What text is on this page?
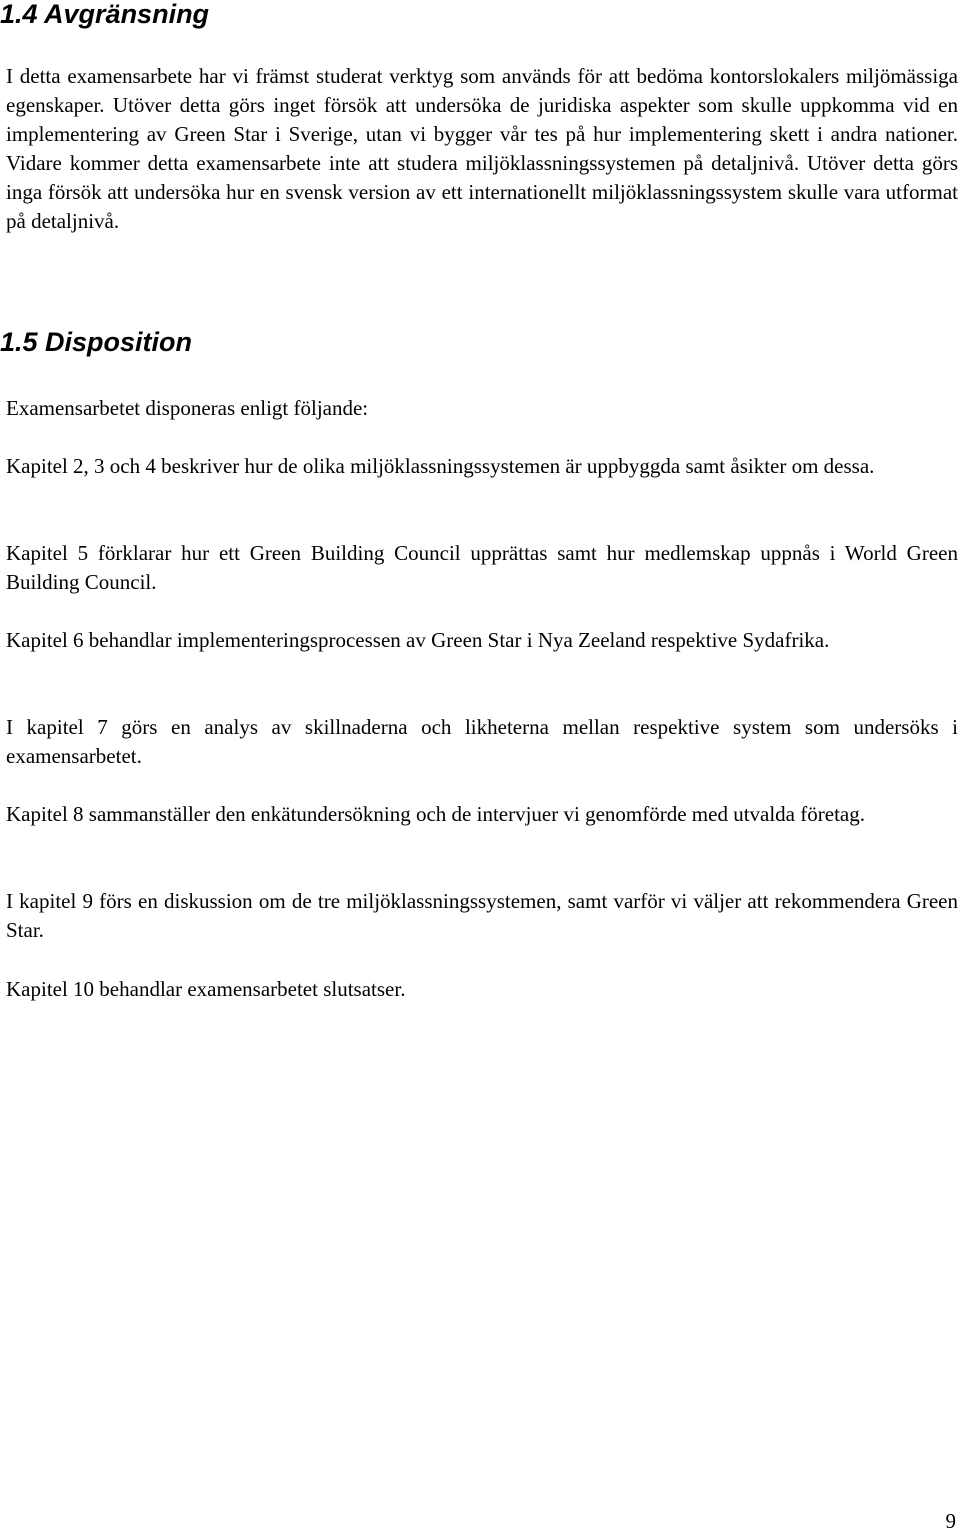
1.4 Avgränsning

I detta examensarbete har vi främst studerat verktyg som används för att bedöma kontorslokalers miljömässiga egenskaper. Utöver detta görs inget försök att undersöka de juridiska aspekter som skulle uppkomma vid en implementering av Green Star i Sverige, utan vi bygger vår tes på hur implementering skett i andra nationer. Vidare kommer detta examensarbete inte att studera miljöklassningssystemen på detaljnivå. Utöver detta görs inga försök att undersöka hur en svensk version av ett internationellt miljöklassningssystem skulle vara utformat på detaljnivå.

1.5 Disposition

Examensarbetet disponeras enligt följande:

Kapitel 2, 3 och 4 beskriver hur de olika miljöklassningssystemen är uppbyggda samt åsikter om dessa.

Kapitel 5 förklarar hur ett Green Building Council upprättas samt hur medlemskap uppnås i World Green Building Council.

Kapitel 6 behandlar implementeringsprocessen av Green Star i Nya Zeeland respektive Sydafrika.

I kapitel 7 görs en analys av skillnaderna och likheterna mellan respektive system som undersöks i examensarbetet.

Kapitel 8 sammanställer den enkätundersökning och de intervjuer vi genomförde med utvalda företag.

I kapitel 9 förs en diskussion om de tre miljöklassningssystemen, samt varför vi väljer att rekommendera Green Star.

Kapitel 10 behandlar examensarbetet slutsatser.

9
